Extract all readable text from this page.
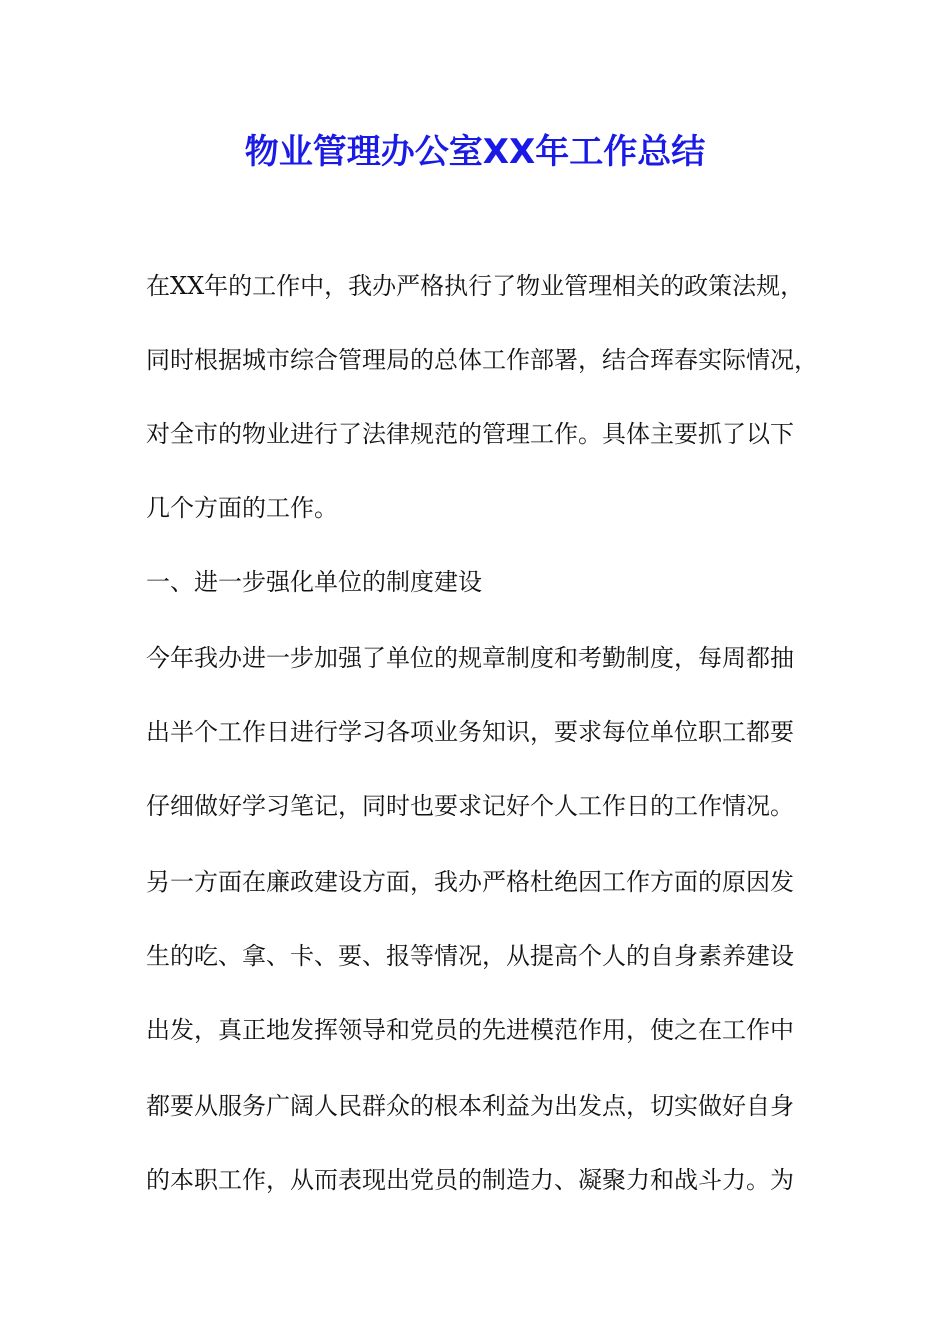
物业管理办公室XX年工作总结
在XX年的工作中，我办严格执行了物业管理相关的政策法规，
同时根据城市综合管理局的总体工作部署，结合珲春实际情况，
对全市的物业进行了法律规范的管理工作。具体主要抓了以下
几个方面的工作。
一、进一步强化单位的制度建设
今年我办进一步加强了单位的规章制度和考勤制度，每周都抽
出半个工作日进行学习各项业务知识，要求每位单位职工都要
仔细做好学习笔记，同时也要求记好个人工作日的工作情况。
另一方面在廉政建设方面，我办严格杜绝因工作方面的原因发
生的吃、拿、卡、要、报等情况，从提高个人的自身素养建设
出发，真正地发挥领导和党员的先进模范作用，使之在工作中
都要从服务广阔人民群众的根本利益为出发点，切实做好自身
的本职工作，从而表现出党员的制造力、凝聚力和战斗力。为
